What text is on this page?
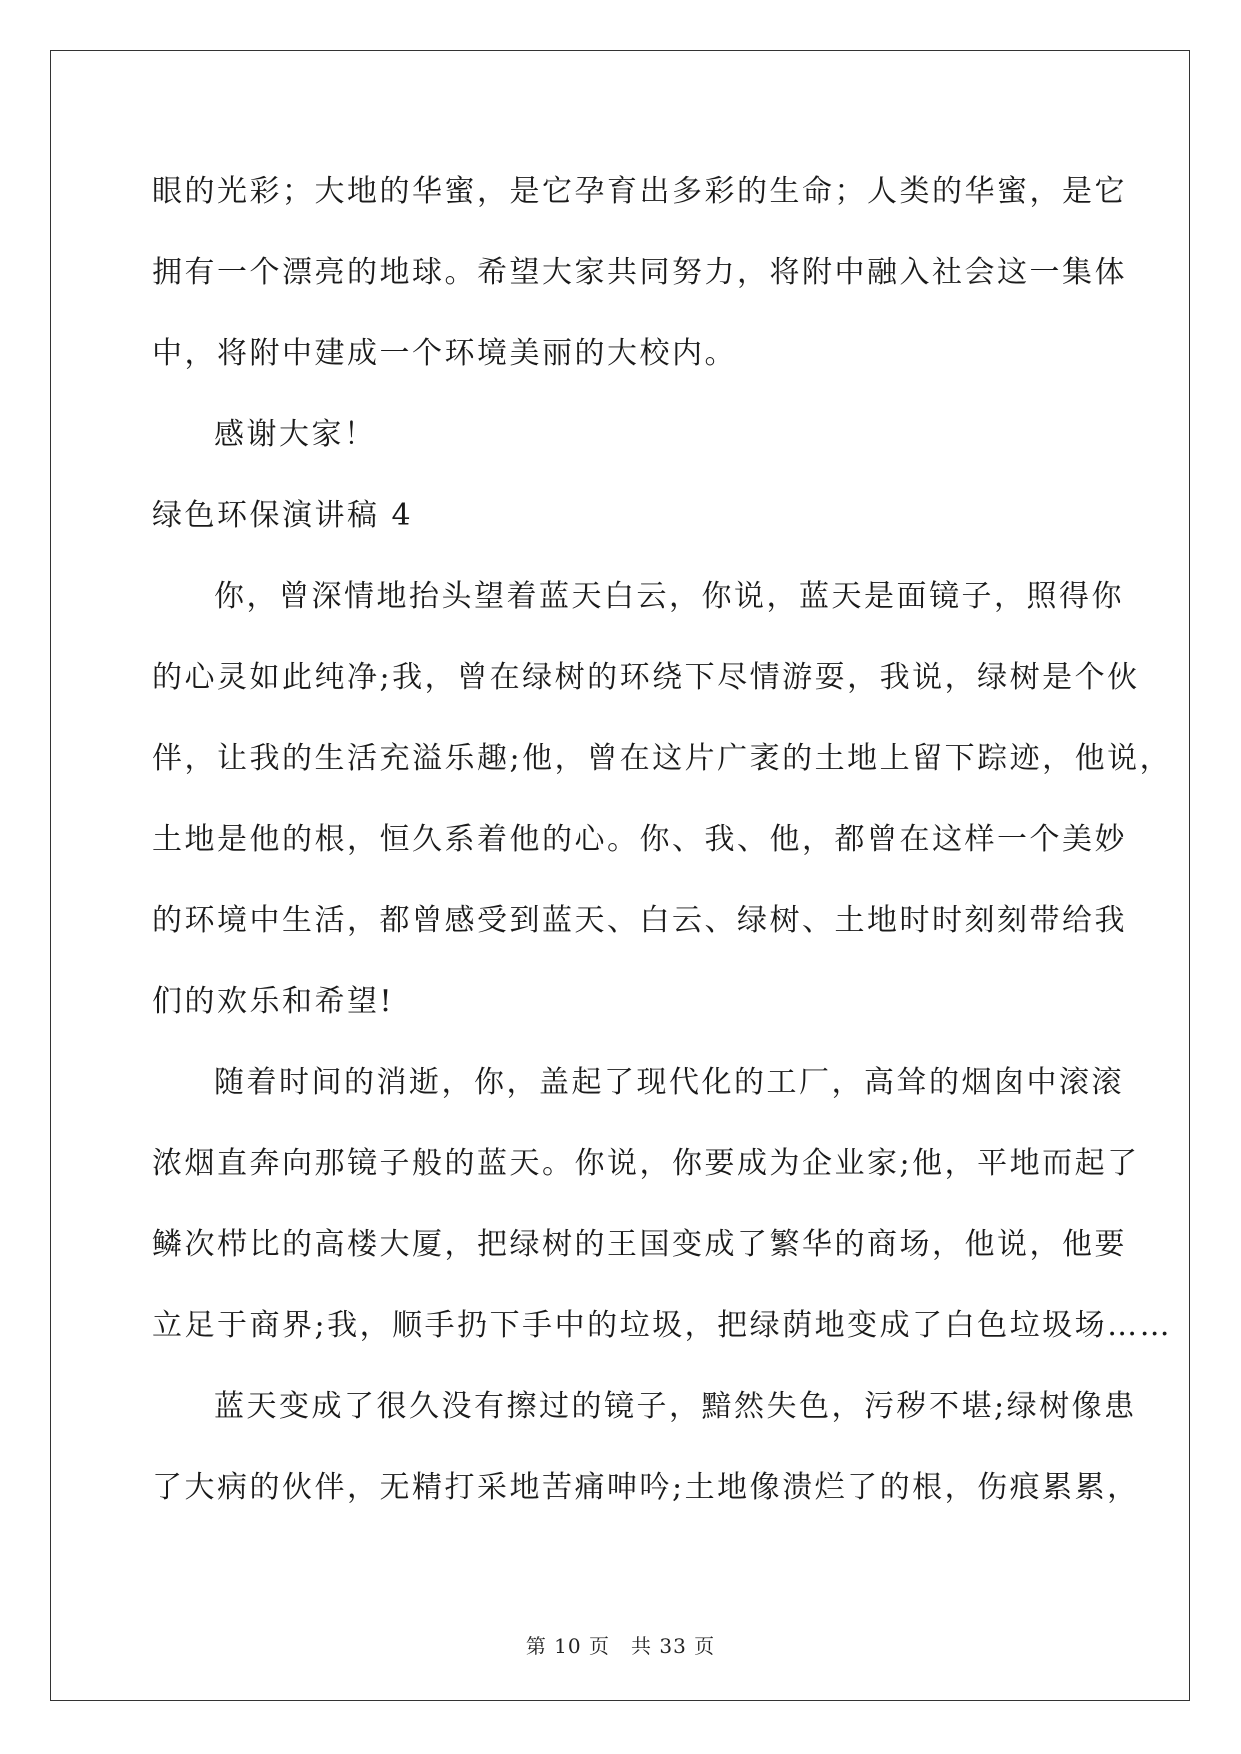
眼的光彩；大地的华蜜，是它孕育出多彩的生命；人类的华蜜，是它
拥有一个漂亮的地球。希望大家共同努力，将附中融入社会这一集体
中，将附中建成一个环境美丽的大校内。
感谢大家！
绿色环保演讲稿 4
你，曾深情地抬头望着蓝天白云，你说，蓝天是面镜子，照得你
的心灵如此纯净;我，曾在绿树的环绕下尽情游耍，我说，绿树是个伙
伴，让我的生活充溢乐趣;他，曾在这片广袤的土地上留下踪迹，他说，
土地是他的根，恒久系着他的心。你、我、他，都曾在这样一个美妙
的环境中生活，都曾感受到蓝天、白云、绿树、土地时时刻刻带给我
们的欢乐和希望!
随着时间的消逝，你，盖起了现代化的工厂，高耸的烟囱中滚滚
浓烟直奔向那镜子般的蓝天。你说，你要成为企业家;他，平地而起了
鳞次栉比的高楼大厦，把绿树的王国变成了繁华的商场，他说，他要
立足于商界;我，顺手扔下手中的垃圾，把绿荫地变成了白色垃圾场……
蓝天变成了很久没有擦过的镜子，黯然失色，污秽不堪;绿树像患
了大病的伙伴，无精打采地苦痛呻吟;土地像溃烂了的根，伤痕累累，
第 10 页　共 33 页
